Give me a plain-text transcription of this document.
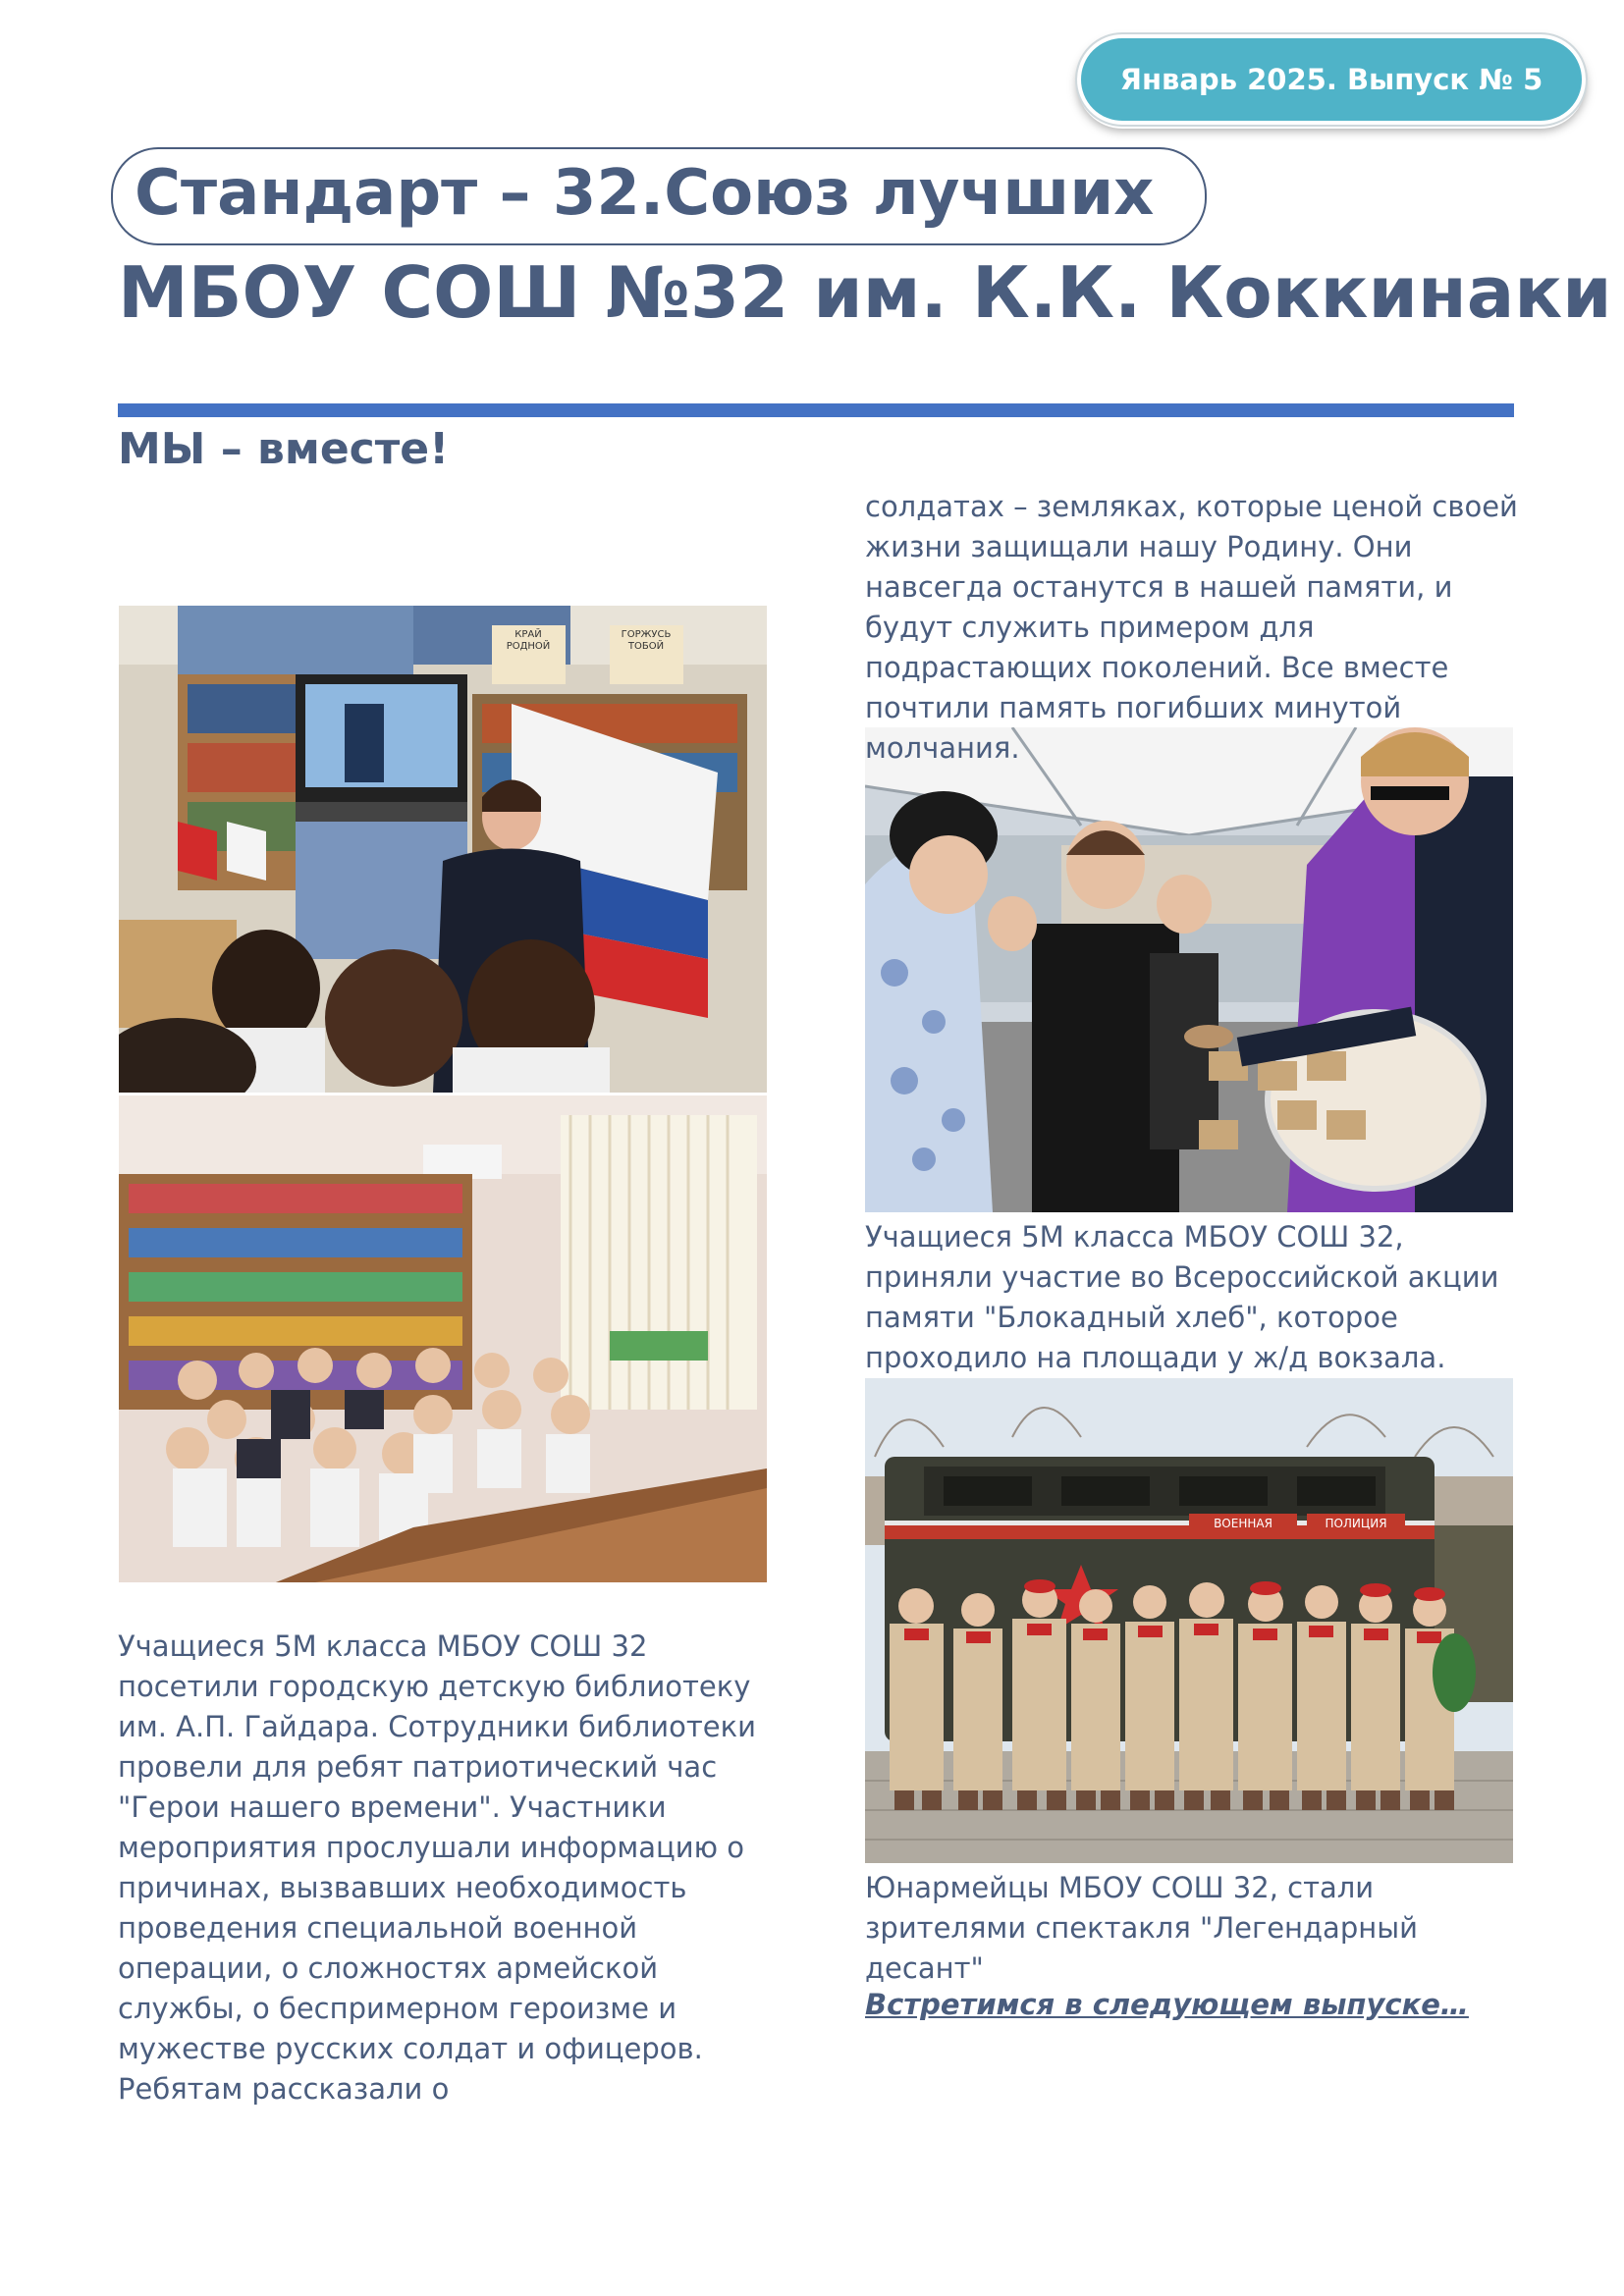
Январь 2025. Выпуск № 5
Стандарт – 32.Союз лучших
МБОУ СОШ №32 им. К.К. Коккинаки
МЫ – вместе!
ВОЕННАЯ	ПОЛИЦИЯ
Учащиеся 5М класса МБОУ СОШ 32 посетили городскую детскую библиотеку им. А.П. Гайдара. Сотрудники библиотеки провели для ребят патриотический час "Герои нашего времени". Участники мероприятия прослушали информацию о причинах, вызвавших необходимость проведения специальной военной операции, о сложностях армейской службы, о беспримерном героизме и мужестве русских солдат и офицеров. Ребятам рассказали о
солдатах – земляках, которые ценой своей жизни защищали нашу Родину. Они навсегда останутся в нашей памяти, и будут служить примером для подрастающих поколений. Все вместе почтили память погибших минутой молчания.
Учащиеся 5М класса МБОУ СОШ 32, приняли участие во Всероссийской акции памяти "Блокадный хлеб", которое проходило на площади у ж/д вокзала.
Юнармейцы МБОУ СОШ 32, стали зрителями спектакля "Легендарный десант"
Встретимся в следующем выпуске…
КРАЙ РОДНОЙ
ГОРЖУСЬ ТОБОЙ
